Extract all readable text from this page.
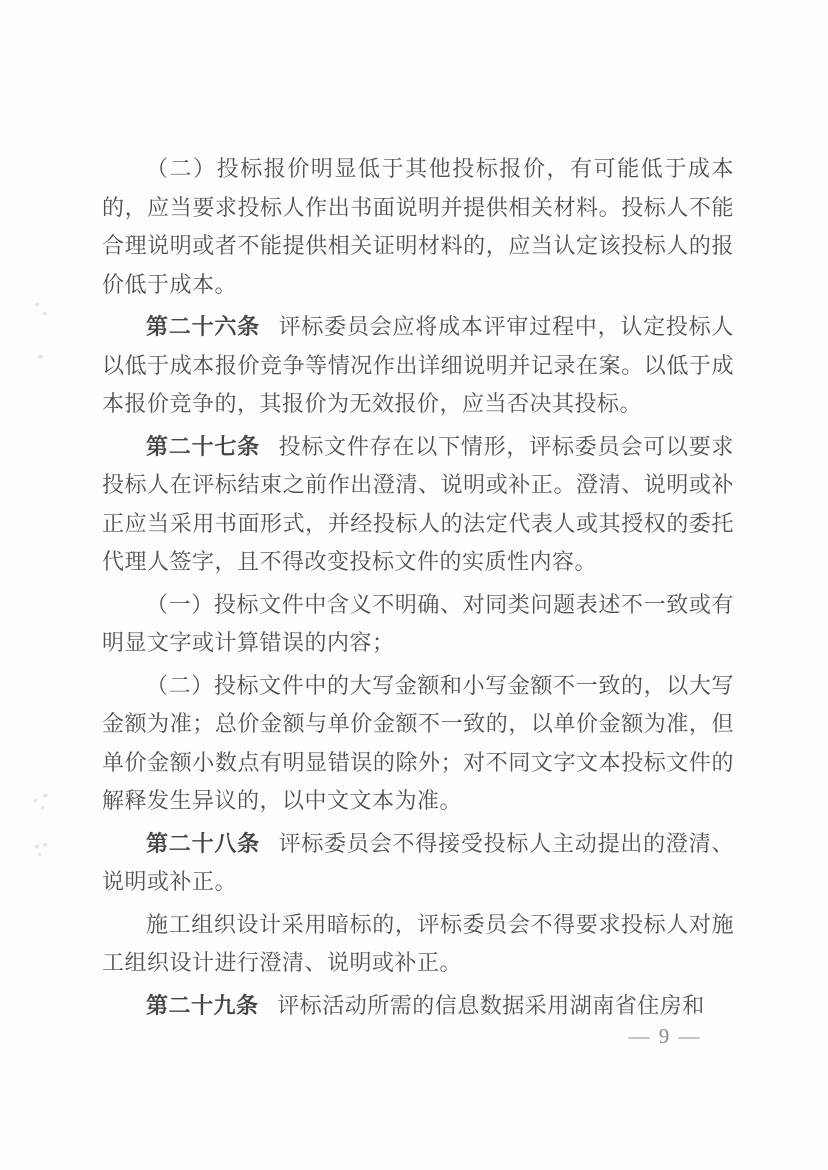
（二）投标报价明显低于其他投标报价，有可能低于成本的，应当要求投标人作出书面说明并提供相关材料。投标人不能合理说明或者不能提供相关证明材料的，应当认定该投标人的报价低于成本。

第二十六条 评标委员会应将成本评审过程中，认定投标人以低于成本报价竞争等情况作出详细说明并记录在案。以低于成本报价竞争的，其报价为无效报价，应当否决其投标。

第二十七条 投标文件存在以下情形，评标委员会可以要求投标人在评标结束之前作出澄清、说明或补正。澄清、说明或补正应当采用书面形式，并经投标人的法定代表人或其授权的委托代理人签字，且不得改变投标文件的实质性内容。

（一）投标文件中含义不明确、对同类问题表述不一致或有明显文字或计算错误的内容；

（二）投标文件中的大写金额和小写金额不一致的，以大写金额为准；总价金额与单价金额不一致的，以单价金额为准，但单价金额小数点有明显错误的除外；对不同文字文本投标文件的解释发生异议的，以中文文本为准。

第二十八条 评标委员会不得接受投标人主动提出的澄清、说明或补正。

施工组织设计采用暗标的，评标委员会不得要求投标人对施工组织设计进行澄清、说明或补正。

第二十九条 评标活动所需的信息数据采用湖南省住房和

— 9 —
